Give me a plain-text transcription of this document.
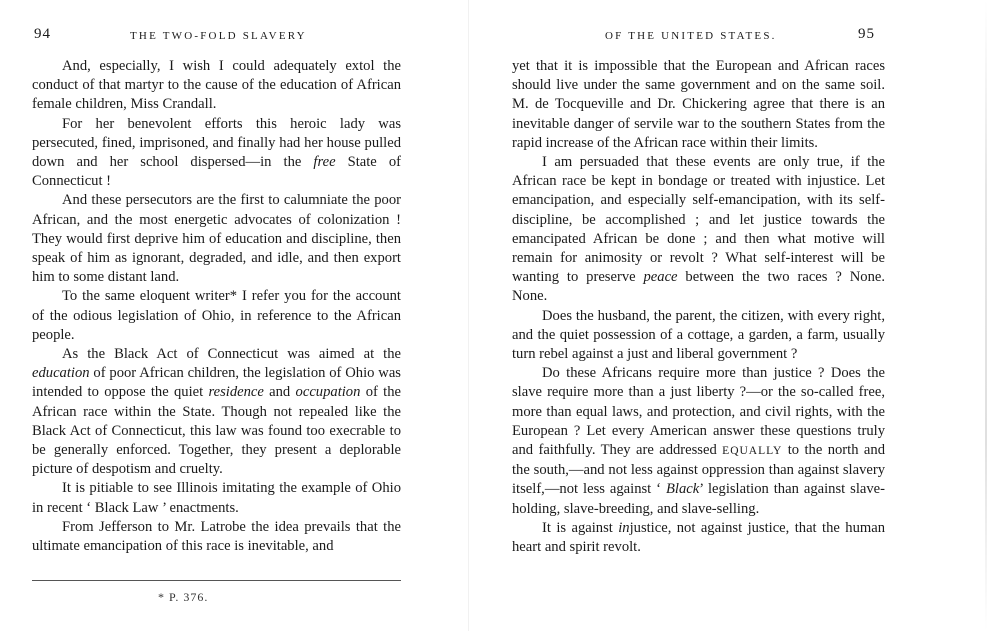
94	THE TWO-FOLD SLAVERY

And, especially, I wish I could adequately extol the conduct of that martyr to the cause of the education of African female children, Miss Crandall.

For her benevolent efforts this heroic lady was persecuted, fined, imprisoned, and finally had her house pulled down and her school dispersed—in the free State of Connecticut !

And these persecutors are the first to calumniate the poor African, and the most energetic advocates of colonization ! They would first deprive him of education and discipline, then speak of him as ignorant, degraded, and idle, and then export him to some distant land.

To the same eloquent writer* I refer you for the account of the odious legislation of Ohio, in reference to the African people.

As the Black Act of Connecticut was aimed at the education of poor African children, the legislation of Ohio was intended to oppose the quiet residence and occupation of the African race within the State. Though not repealed like the Black Act of Connecticut, this law was found too execrable to be generally enforced. Together, they present a deplorable picture of despotism and cruelty.

It is pitiable to see Illinois imitating the example of Ohio in recent ‘ Black Law ’ enactments.

From Jefferson to Mr. Latrobe the idea prevails that the ultimate emancipation of this race is inevitable, and

* P. 376.
OF THE UNITED STATES.	95

yet that it is impossible that the European and African races should live under the same government and on the same soil. M. de Tocqueville and Dr. Chickering agree that there is an inevitable danger of servile war to the southern States from the rapid increase of the African race within their limits.

I am persuaded that these events are only true, if the African race be kept in bondage or treated with injustice. Let emancipation, and especially self-emancipation, with its self-discipline, be accomplished ; and let justice towards the emancipated African be done ; and then what motive will remain for animosity or revolt ? What self-interest will be wanting to preserve peace between the two races ? None. None.

Does the husband, the parent, the citizen, with every right, and the quiet possession of a cottage, a garden, a farm, usually turn rebel against a just and liberal government ?

Do these Africans require more than justice ? Does the slave require more than a just liberty ?—or the so-called free, more than equal laws, and protection, and civil rights, with the European ? Let every American answer these questions truly and faithfully. They are addressed EQUALLY to the north and the south,—and not less against oppression than against slavery itself,—not less against ‘ Black’ legislation than against slave-holding, slave-breeding, and slave-selling.

It is against injustice, not against justice, that the human heart and spirit revolt.
